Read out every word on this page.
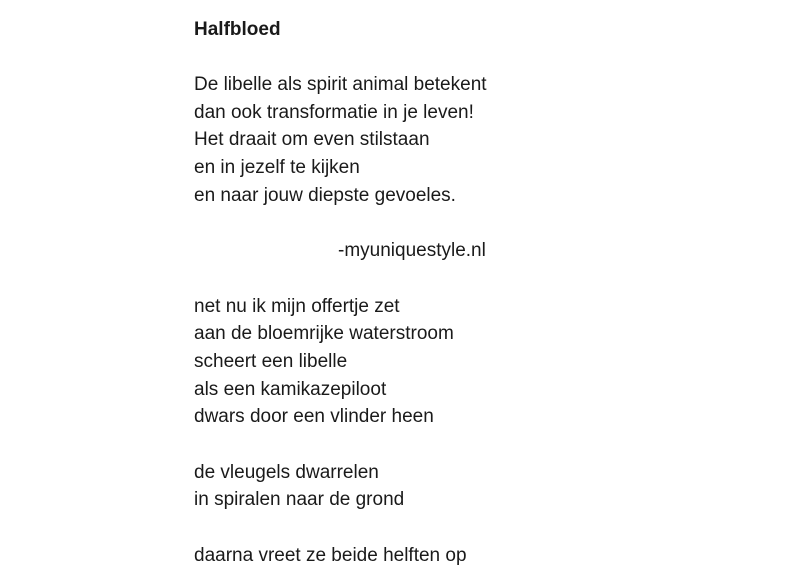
Halfbloed
De libelle als spirit animal betekent
dan ook transformatie in je leven!
Het draait om even stilstaan
en in jezelf te kijken
en naar jouw diepste gevoeles.
-myuniquestyle.nl
net nu ik mijn offertje zet
aan de bloemrijke waterstroom
scheert een libelle
als een kamikazepiloot
dwars door een vlinder heen
de vleugels dwarrelen
in spiralen naar de grond
daarna vreet ze beide helften op
